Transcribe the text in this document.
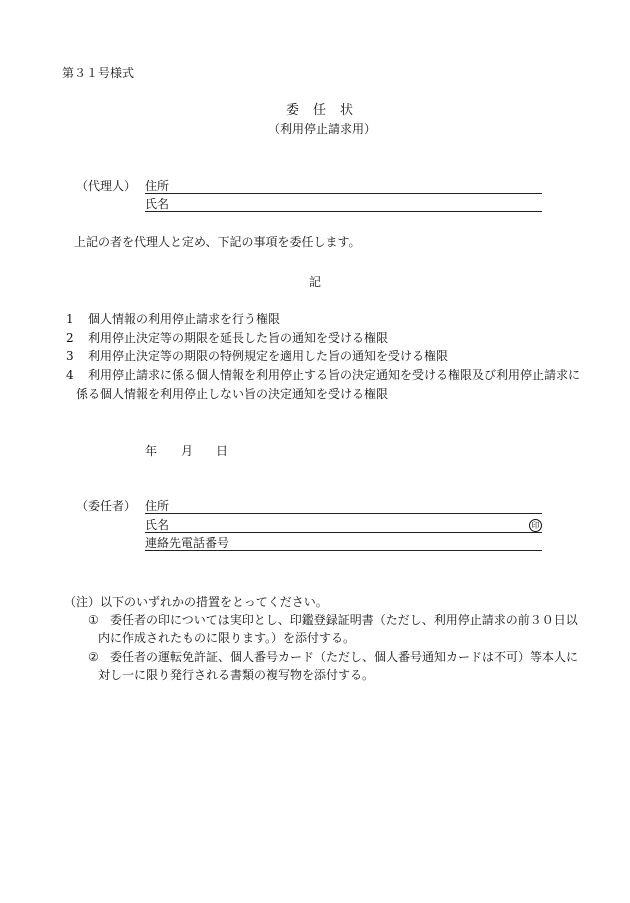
第３１号様式
委任状
（利用停止請求用）
（代理人） 住所
氏名
上記の者を代理人と定め、下記の事項を委任します。
記
1 個人情報の利用停止請求を行う権限
2 利用停止決定等の期限を延長した旨の通知を受ける権限
3 利用停止決定等の期限の特例規定を適用した旨の通知を受ける権限
4 利用停止請求に係る個人情報を利用停止する旨の決定通知を受ける権限及び利用停止請求に
係る個人情報を利用停止しない旨の決定通知を受ける権限
年 月 日
（委任者） 住所
氏名	印
連絡先電話番号
（注）以下のいずれかの措置をとってください。
① 委任者の印については実印とし、印鑑登録証明書（ただし、利用停止請求の前３０日以
内に作成されたものに限ります。）を添付する。
② 委任者の運転免許証、個人番号カード（ただし、個人番号通知カードは不可）等本人に
対し一に限り発行される書類の複写物を添付する。
